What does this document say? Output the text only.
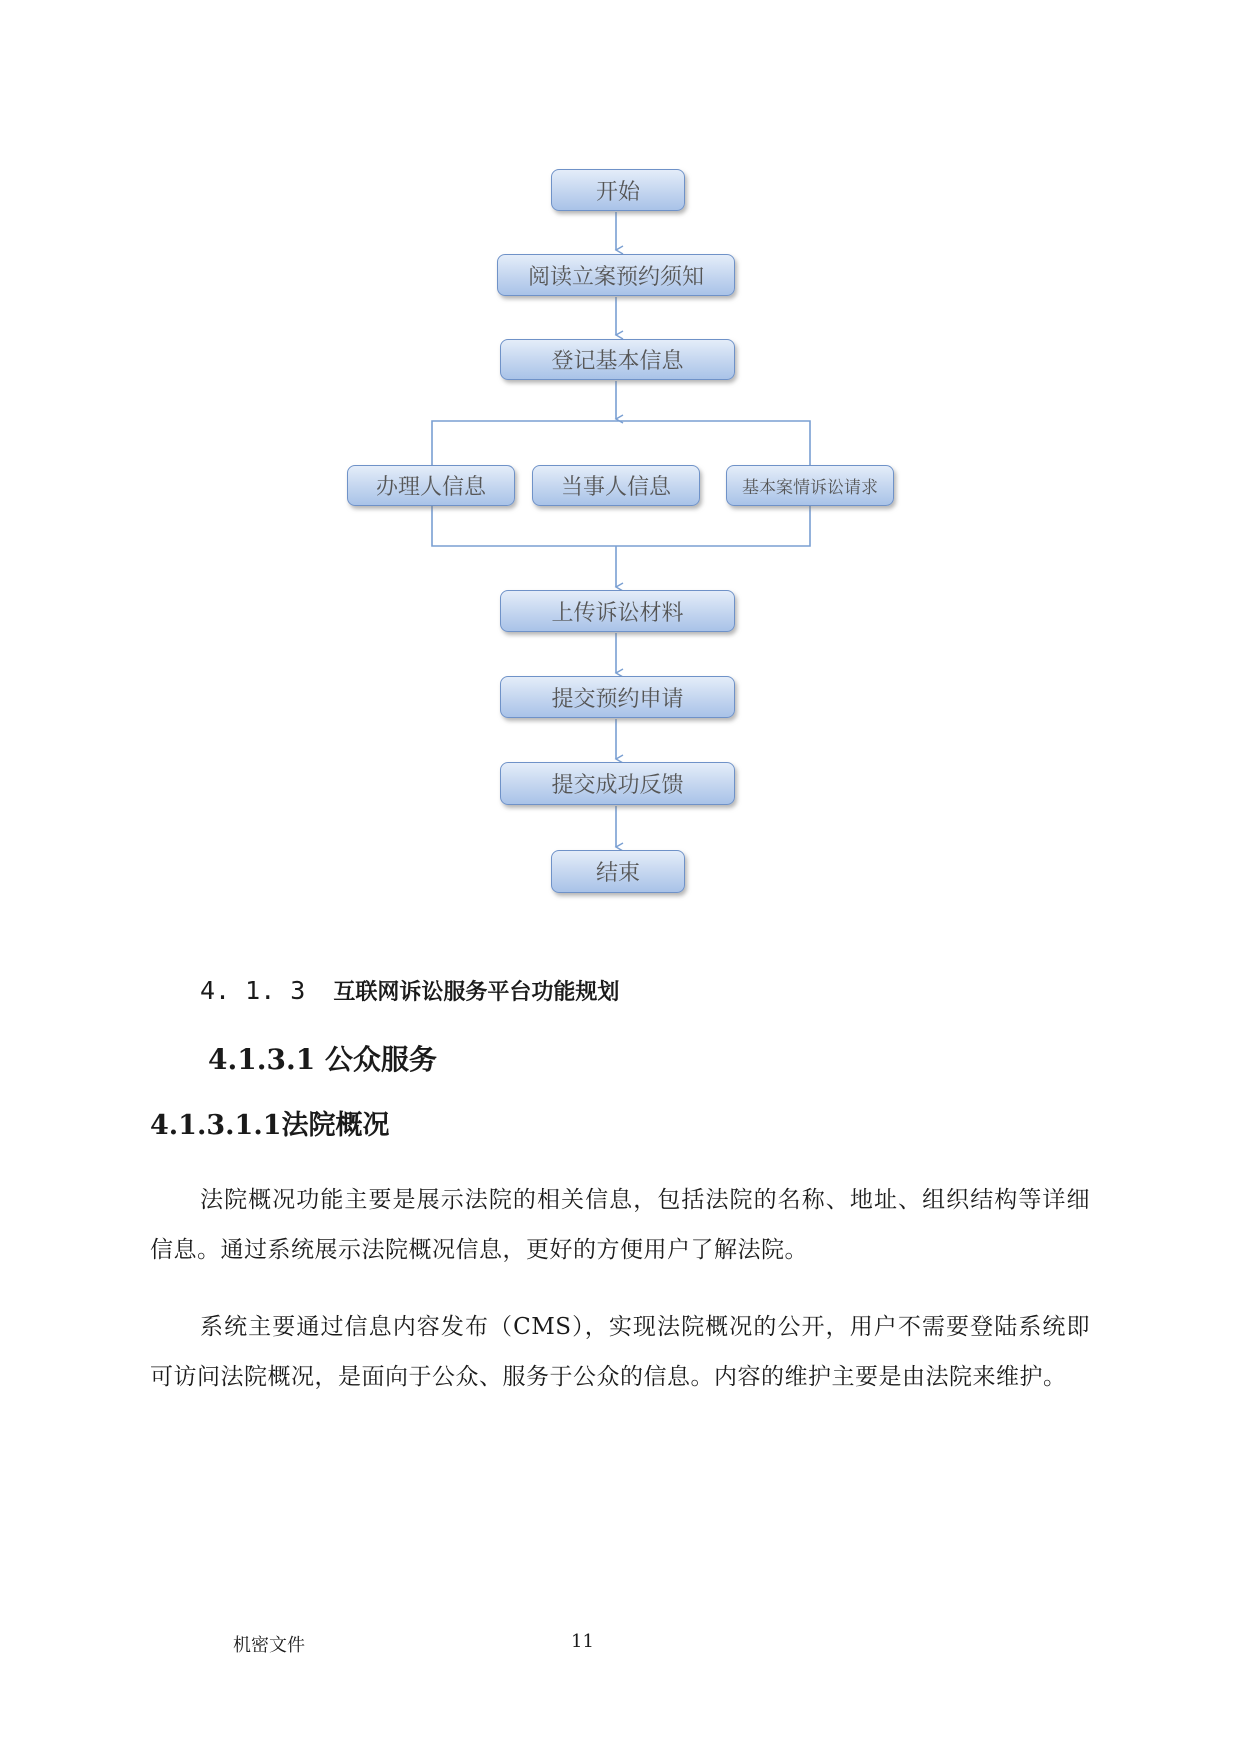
开始
阅读立案预约须知
登记基本信息
办理人信息	当事人信息	基本案情诉讼请求
上传诉讼材料
提交预约申请
提交成功反馈
结束
4. 1. 3 互联网诉讼服务平台功能规划
4.1.3.1 公众服务
4.1.3.1.1法院概况
法院概况功能主要是展示法院的相关信息，包括法院的名称、地址、组织结构等详细信息。通过系统展示法院概况信息，更好的方便用户了解法院。
系统主要通过信息内容发布（CMS），实现法院概况的公开，用户不需要登陆系统即可访问法院概况，是面向于公众、服务于公众的信息。内容的维护主要是由法院来维护。
机密文件	11
